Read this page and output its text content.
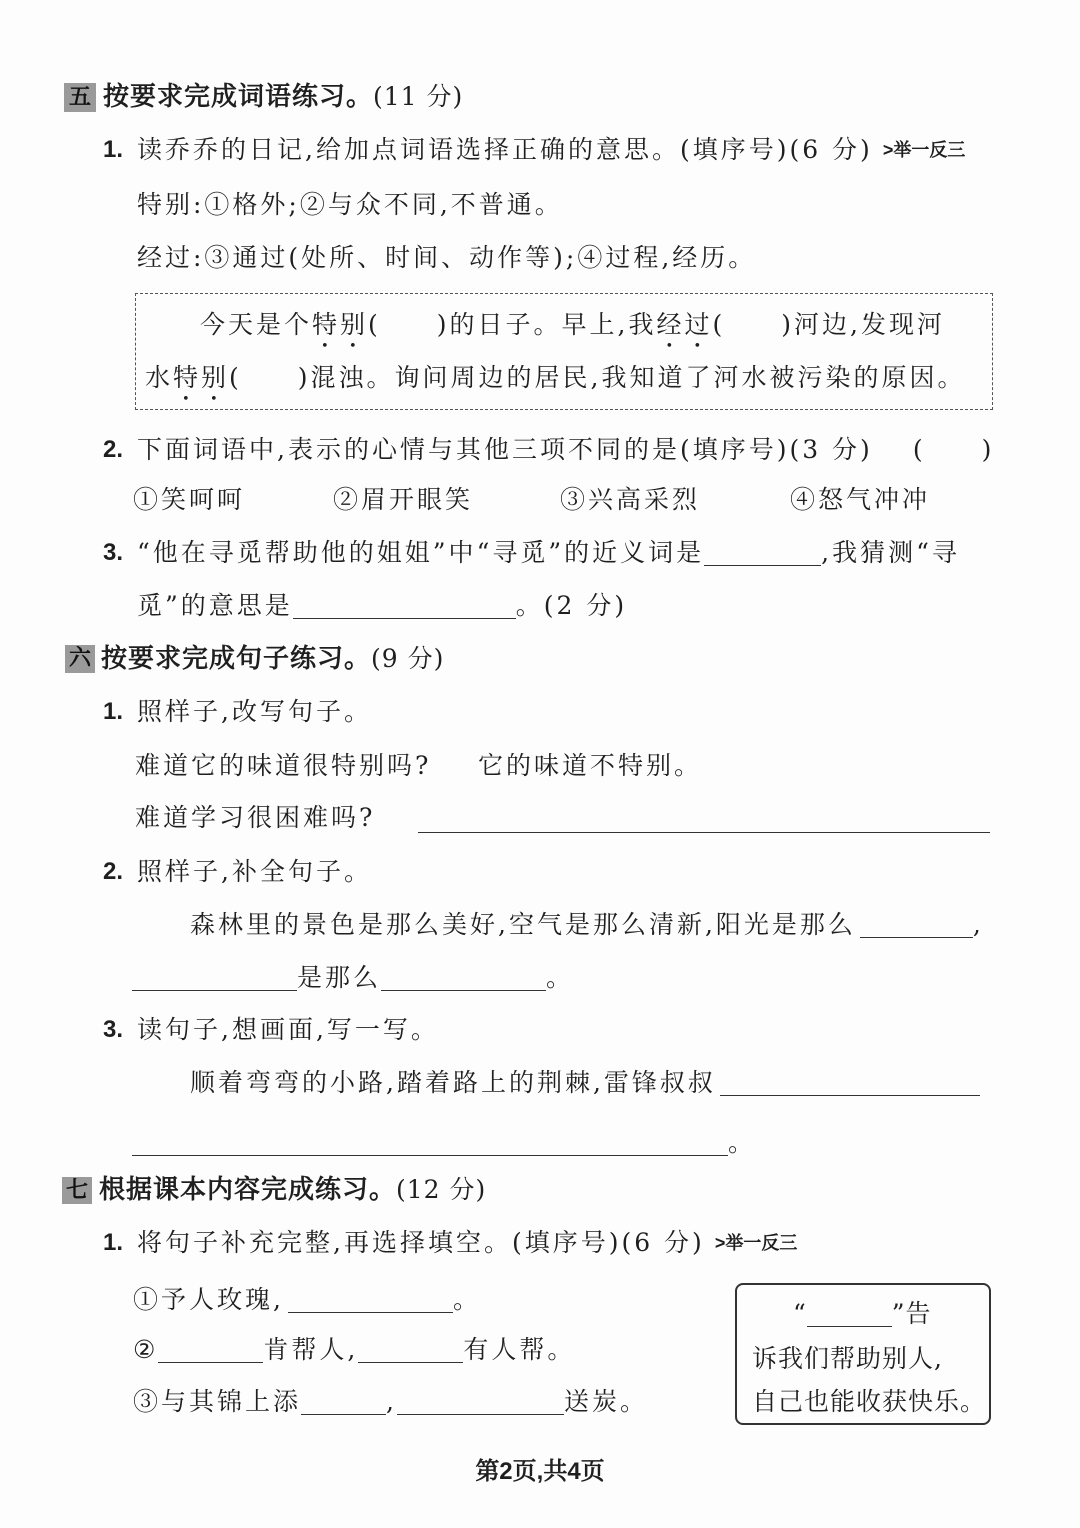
五 按要求完成词语练习。(11 分)
1. 读乔乔的日记,给加点词语选择正确的意思。(填序号)(6 分) >举一反三
特别:①格外;②与众不同,不普通。
经过:③通过(处所、时间、动作等);④过程,经历。
今天是个特别(　　)的日子。早上,我经过(　　)河边,发现河
水特别(　　)混浊。询问周边的居民,我知道了河水被污染的原因。
2. 下面词语中,表示的心情与其他三项不同的是(填序号)(3 分) (　　)
①笑呵呵	②眉开眼笑	③兴高采烈	④怒气冲冲
3. “他在寻觅帮助他的姐姐”中“寻觅”的近义词是	,我猜测“寻
觅”的意思是	。(2 分)
六 按要求完成句子练习。(9 分)
1. 照样子,改写句子。
难道它的味道很特别吗? 它的味道不特别。
难道学习很困难吗?
2. 照样子,补全句子。
森林里的景色是那么美好,空气是那么清新,阳光是那么	,
是那么	。
3. 读句子,想画面,写一写。
顺着弯弯的小路,踏着路上的荆棘,雷锋叔叔
。
七 根据课本内容完成练习。(12 分)
1. 将句子补充完整,再选择填空。(填序号)(6 分) >举一反三
①予人玫瑰,	。
②	肯帮人,	有人帮。
③与其锦上添	,	送炭。
“	”告
诉我们帮助别人,
自己也能收获快乐。
第2页,共4页
